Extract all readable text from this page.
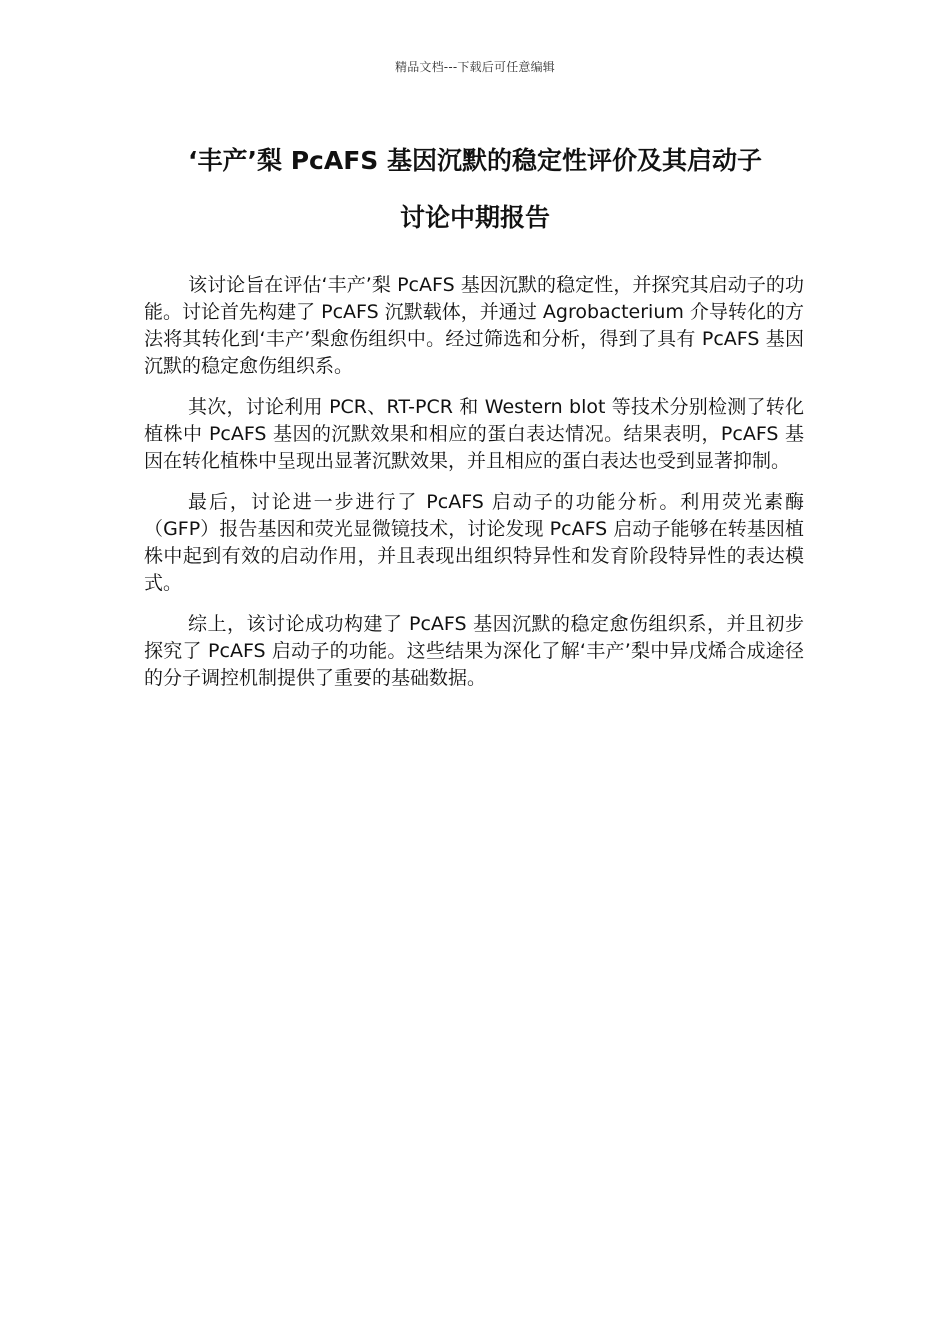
精品文档---下载后可任意编辑
‘丰产’梨 PcAFS 基因沉默的稳定性评价及其启动子
讨论中期报告

该讨论旨在评估‘丰产’梨 PcAFS 基因沉默的稳定性，并探究其启动子的功能。讨论首先构建了 PcAFS 沉默载体，并通过 Agrobacterium 介导转化的方法将其转化到‘丰产’梨愈伤组织中。经过筛选和分析，得到了具有 PcAFS 基因沉默的稳定愈伤组织系。

其次，讨论利用 PCR、RT-PCR 和 Western blot 等技术分别检测了转化植株中 PcAFS 基因的沉默效果和相应的蛋白表达情况。结果表明，PcAFS 基因在转化植株中呈现出显著沉默效果，并且相应的蛋白表达也受到显著抑制。

最后，讨论进一步进行了 PcAFS 启动子的功能分析。利用荧光素酶（GFP）报告基因和荧光显微镜技术，讨论发现 PcAFS 启动子能够在转基因植株中起到有效的启动作用，并且表现出组织特异性和发育阶段特异性的表达模式。

综上，该讨论成功构建了 PcAFS 基因沉默的稳定愈伤组织系，并且初步探究了 PcAFS 启动子的功能。这些结果为深化了解‘丰产’梨中异戊烯合成途径的分子调控机制提供了重要的基础数据。
